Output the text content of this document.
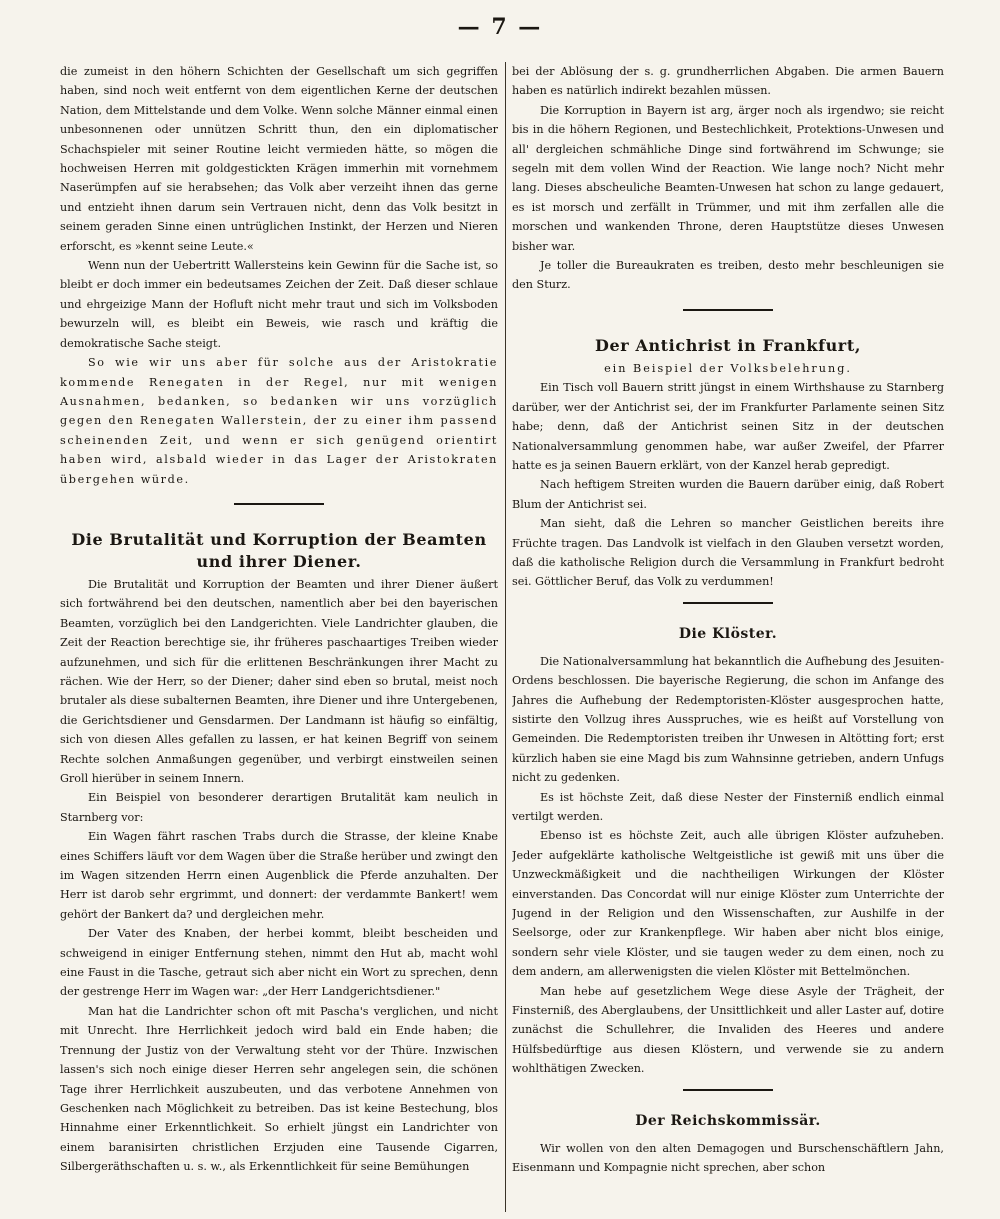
— 7 —

die zumeist in den höhern Schichten der Gesellschaft um sich gegriffen haben, sind noch weit entfernt von dem eigentlichen Kerne der deutschen Nation, dem Mittelstande und dem Volke. Wenn solche Männer einmal einen unbesonnenen oder unnützen Schritt thun, den ein diplomatischer Schachspieler mit seiner Routine leicht vermieden hätte, so mögen die hochweisen Herren mit goldgestickten Krägen immerhin mit vornehmem Naserümpfen auf sie herabsehen; das Volk aber verzeiht ihnen das gerne und entzieht ihnen darum sein Vertrauen nicht, denn das Volk besitzt in seinem geraden Sinne einen untrüglichen Instinkt, der Herzen und Nieren erforscht, es »kennt seine Leute.«

Wenn nun der Uebertritt Wallersteins kein Gewinn für die Sache ist, so bleibt er doch immer ein bedeutsames Zeichen der Zeit. Daß dieser schlaue und ehrgeizige Mann der Hofluft nicht mehr traut und sich im Volksboden bewurzeln will, es bleibt ein Beweis, wie rasch und kräftig die demokratische Sache steigt.

So wie wir uns aber für solche aus der Aristokratie kommende Renegaten in der Regel, nur mit wenigen Ausnahmen, bedanken, so bedanken wir uns vorzüglich gegen den Renegaten Wallerstein, der zu einer ihm passend scheinenden Zeit, und wenn er sich genügend orientirt haben wird, alsbald wieder in das Lager der Aristokraten übergehen würde.

Die Brutalität und Korruption der Beamten und ihrer Diener.

Die Brutalität und Korruption der Beamten und ihrer Diener äußert sich fortwährend bei den deutschen, namentlich aber bei den bayerischen Beamten, vorzüglich bei den Landgerichten. Viele Landrichter glauben, die Zeit der Reaction berechtige sie, ihr früheres paschaartiges Treiben wieder aufzunehmen, und sich für die erlittenen Beschränkungen ihrer Macht zu rächen. Wie der Herr, so der Diener; daher sind eben so brutal, meist noch brutaler als diese subalternen Beamten, ihre Diener und ihre Untergebenen, die Gerichtsdiener und Gensdarmen. Der Landmann ist häufig so einfältig, sich von diesen Alles gefallen zu lassen, er hat keinen Begriff von seinem Rechte solchen Anmaßungen gegenüber, und verbirgt einstweilen seinen Groll hierüber in seinem Innern.

Ein Beispiel von besonderer derartigen Brutalität kam neulich in Starnberg vor:

Ein Wagen fährt raschen Trabs durch die Strasse, der kleine Knabe eines Schiffers läuft vor dem Wagen über die Straße herüber und zwingt den im Wagen sitzenden Herrn einen Augenblick die Pferde anzuhalten. Der Herr ist darob sehr ergrimmt, und donnert: der verdammte Bankert! wem gehört der Bankert da? und dergleichen mehr.

Der Vater des Knaben, der herbei kommt, bleibt bescheiden und schweigend in einiger Entfernung stehen, nimmt den Hut ab, macht wohl eine Faust in die Tasche, getraut sich aber nicht ein Wort zu sprechen, denn der gestrenge Herr im Wagen war: „der Herr Landgerichtsdiener."

Man hat die Landrichter schon oft mit Pascha's verglichen, und nicht mit Unrecht. Ihre Herrlichkeit jedoch wird bald ein Ende haben; die Trennung der Justiz von der Verwaltung steht vor der Thüre. Inzwischen lassen's sich noch einige dieser Herren sehr angelegen sein, die schönen Tage ihrer Herrlichkeit auszubeuten, und das verbotene Annehmen von Geschenken nach Möglichkeit zu betreiben. Das ist keine Bestechung, blos Hinnahme einer Erkenntlichkeit. So erhielt jüngst ein Landrichter von einem baranisirten christlichen Erzjuden eine Tausende Cigarren, Silbergeräthschaften u. s. w., als Erkenntlichkeit für seine Bemühungen

bei der Ablösung der s. g. grundherrlichen Abgaben. Die armen Bauern haben es natürlich indirekt bezahlen müssen.

Die Korruption in Bayern ist arg, ärger noch als irgendwo; sie reicht bis in die höhern Regionen, und Bestechlichkeit, Protektions-Unwesen und all' dergleichen schmähliche Dinge sind fortwährend im Schwunge; sie segeln mit dem vollen Wind der Reaction. Wie lange noch? Nicht mehr lang. Dieses abscheuliche Beamten-Unwesen hat schon zu lange gedauert, es ist morsch und zerfällt in Trümmer, und mit ihm zerfallen alle die morschen und wankenden Throne, deren Hauptstütze dieses Unwesen bisher war.

Je toller die Bureaukraten es treiben, desto mehr beschleunigen sie den Sturz.

Der Antichrist in Frankfurt,

ein Beispiel der Volksbelehrung.

Ein Tisch voll Bauern stritt jüngst in einem Wirthshause zu Starnberg darüber, wer der Antichrist sei, der im Frankfurter Parlamente seinen Sitz habe; denn, daß der Antichrist seinen Sitz in der deutschen Nationalversammlung genommen habe, war außer Zweifel, der Pfarrer hatte es ja seinen Bauern erklärt, von der Kanzel herab gepredigt.

Nach heftigem Streiten wurden die Bauern darüber einig, daß Robert Blum der Antichrist sei.

Man sieht, daß die Lehren so mancher Geistlichen bereits ihre Früchte tragen. Das Landvolk ist vielfach in den Glauben versetzt worden, daß die katholische Religion durch die Versammlung in Frankfurt bedroht sei. Göttlicher Beruf, das Volk zu verdummen!

Die Klöster.

Die Nationalversammlung hat bekanntlich die Aufhebung des Jesuiten-Ordens beschlossen. Die bayerische Regierung, die schon im Anfange des Jahres die Aufhebung der Redemptoristen-Klöster ausgesprochen hatte, sistirte den Vollzug ihres Ausspruches, wie es heißt auf Vorstellung von Gemeinden. Die Redemptoristen treiben ihr Unwesen in Altötting fort; erst kürzlich haben sie eine Magd bis zum Wahnsinne getrieben, andern Unfugs nicht zu gedenken.

Es ist höchste Zeit, daß diese Nester der Finsterniß endlich einmal vertilgt werden.

Ebenso ist es höchste Zeit, auch alle übrigen Klöster aufzuheben. Jeder aufgeklärte katholische Weltgeistliche ist gewiß mit uns über die Unzweckmäßigkeit und die nachtheiligen Wirkungen der Klöster einverstanden. Das Concordat will nur einige Klöster zum Unterrichte der Jugend in der Religion und den Wissenschaften, zur Aushilfe in der Seelsorge, oder zur Krankenpflege. Wir haben aber nicht blos einige, sondern sehr viele Klöster, und sie taugen weder zu dem einen, noch zu dem andern, am allerwenigsten die vielen Klöster mit Bettelmönchen.

Man hebe auf gesetzlichem Wege diese Asyle der Trägheit, der Finsterniß, des Aberglaubens, der Unsittlichkeit und aller Laster auf, dotire zunächst die Schullehrer, die Invaliden des Heeres und andere Hülfsbedürftige aus diesen Klöstern, und verwende sie zu andern wohlthätigen Zwecken.

Der Reichskommissär.

Wir wollen von den alten Demagogen und Burschenschäftlern Jahn, Eisenmann und Kompagnie nicht sprechen, aber schon
